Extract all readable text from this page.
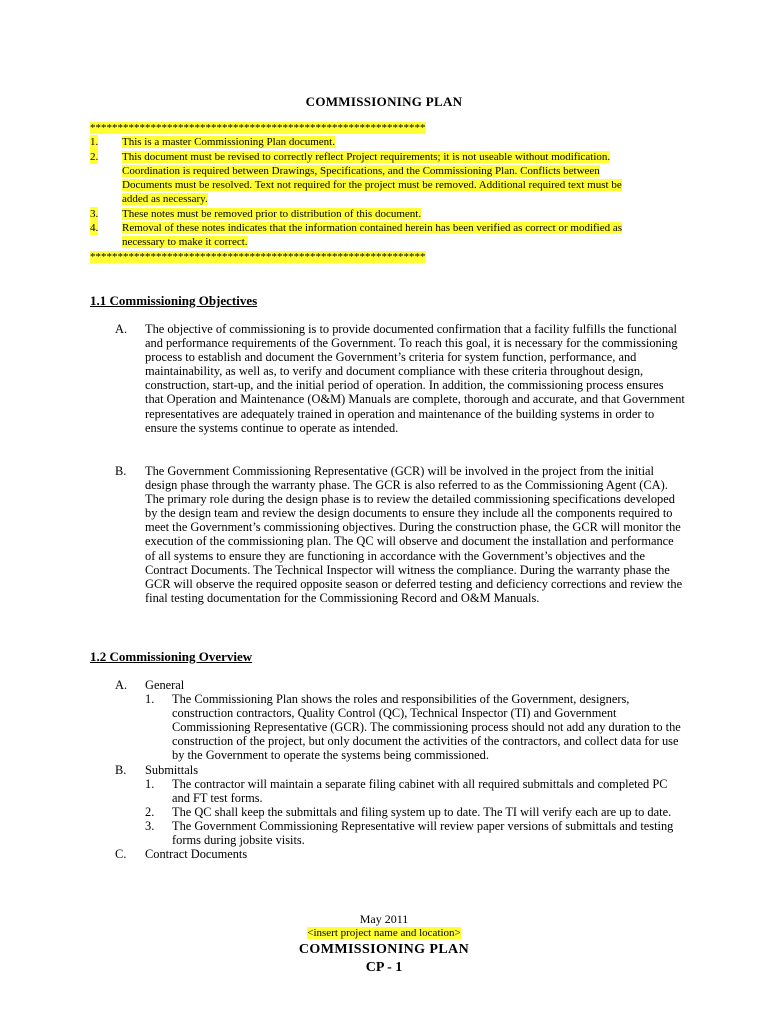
COMMISSIONING PLAN
*************************************************************
1. This is a master Commissioning Plan document.
2. This document must be revised to correctly reflect Project requirements; it is not useable without modification. Coordination is required between Drawings, Specifications, and the Commissioning Plan. Conflicts between Documents must be resolved. Text not required for the project must be removed. Additional required text must be added as necessary.
3. These notes must be removed prior to distribution of this document.
4. Removal of these notes indicates that the information contained herein has been verified as correct or modified as necessary to make it correct.
*************************************************************
1.1 Commissioning Objectives
A. The objective of commissioning is to provide documented confirmation that a facility fulfills the functional and performance requirements of the Government. To reach this goal, it is necessary for the commissioning process to establish and document the Government’s criteria for system function, performance, and maintainability, as well as, to verify and document compliance with these criteria throughout design, construction, start-up, and the initial period of operation. In addition, the commissioning process ensures that Operation and Maintenance (O&M) Manuals are complete, thorough and accurate, and that Government representatives are adequately trained in operation and maintenance of the building systems in order to ensure the systems continue to operate as intended.
B. The Government Commissioning Representative (GCR) will be involved in the project from the initial design phase through the warranty phase. The GCR is also referred to as the Commissioning Agent (CA). The primary role during the design phase is to review the detailed commissioning specifications developed by the design team and review the design documents to ensure they include all the components required to meet the Government’s commissioning objectives. During the construction phase, the GCR will monitor the execution of the commissioning plan. The QC will observe and document the installation and performance of all systems to ensure they are functioning in accordance with the Government’s objectives and the Contract Documents. The Technical Inspector will witness the compliance. During the warranty phase the GCR will observe the required opposite season or deferred testing and deficiency corrections and review the final testing documentation for the Commissioning Record and O&M Manuals.
1.2 Commissioning Overview
A. General
1. The Commissioning Plan shows the roles and responsibilities of the Government, designers, construction contractors, Quality Control (QC), Technical Inspector (TI) and Government Commissioning Representative (GCR). The commissioning process should not add any duration to the construction of the project, but only document the activities of the contractors, and collect data for use by the Government to operate the systems being commissioned.
B. Submittals
1. The contractor will maintain a separate filing cabinet with all required submittals and completed PC and FT test forms.
2. The QC shall keep the submittals and filing system up to date. The TI will verify each are up to date.
3. The Government Commissioning Representative will review paper versions of submittals and testing forms during jobsite visits.
C. Contract Documents
May 2011
<insert project name and location>
COMMISSIONING PLAN
CP - 1
